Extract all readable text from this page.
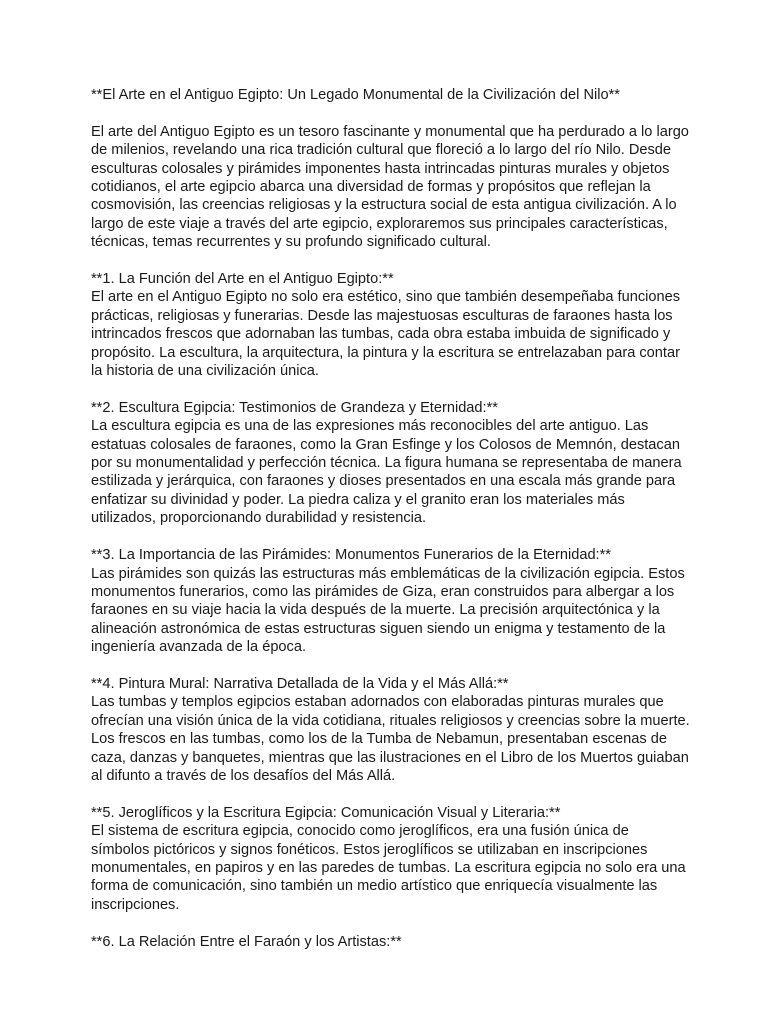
**El Arte en el Antiguo Egipto: Un Legado Monumental de la Civilización del Nilo**

El arte del Antiguo Egipto es un tesoro fascinante y monumental que ha perdurado a lo largo
de milenios, revelando una rica tradición cultural que floreció a lo largo del río Nilo. Desde
esculturas colosales y pirámides imponentes hasta intrincadas pinturas murales y objetos
cotidianos, el arte egipcio abarca una diversidad de formas y propósitos que reflejan la
cosmovisión, las creencias religiosas y la estructura social de esta antigua civilización. A lo
largo de este viaje a través del arte egipcio, exploraremos sus principales características,
técnicas, temas recurrentes y su profundo significado cultural.

**1. La Función del Arte en el Antiguo Egipto:**

El arte en el Antiguo Egipto no solo era estético, sino que también desempeñaba funciones
prácticas, religiosas y funerarias. Desde las majestuosas esculturas de faraones hasta los
intrincados frescos que adornaban las tumbas, cada obra estaba imbuida de significado y
propósito. La escultura, la arquitectura, la pintura y la escritura se entrelazaban para contar
la historia de una civilización única.

**2. Escultura Egipcia: Testimonios de Grandeza y Eternidad:**

La escultura egipcia es una de las expresiones más reconocibles del arte antiguo. Las
estatuas colosales de faraones, como la Gran Esfinge y los Colosos de Memnón, destacan
por su monumentalidad y perfección técnica. La figura humana se representaba de manera
estilizada y jerárquica, con faraones y dioses presentados en una escala más grande para
enfatizar su divinidad y poder. La piedra caliza y el granito eran los materiales más
utilizados, proporcionando durabilidad y resistencia.

**3. La Importancia de las Pirámides: Monumentos Funerarios de la Eternidad:**

Las pirámides son quizás las estructuras más emblemáticas de la civilización egipcia. Estos
monumentos funerarios, como las pirámides de Giza, eran construidos para albergar a los
faraones en su viaje hacia la vida después de la muerte. La precisión arquitectónica y la
alineación astronómica de estas estructuras siguen siendo un enigma y testamento de la
ingeniería avanzada de la época.

**4. Pintura Mural: Narrativa Detallada de la Vida y el Más Allá:**

Las tumbas y templos egipcios estaban adornados con elaboradas pinturas murales que
ofrecían una visión única de la vida cotidiana, rituales religiosos y creencias sobre la muerte.
Los frescos en las tumbas, como los de la Tumba de Nebamun, presentaban escenas de
caza, danzas y banquetes, mientras que las ilustraciones en el Libro de los Muertos guiaban
al difunto a través de los desafíos del Más Allá.

**5. Jeroglíficos y la Escritura Egipcia: Comunicación Visual y Literaria:**

El sistema de escritura egipcia, conocido como jeroglíficos, era una fusión única de
símbolos pictóricos y signos fonéticos. Estos jeroglíficos se utilizaban en inscripciones
monumentales, en papiros y en las paredes de tumbas. La escritura egipcia no solo era una
forma de comunicación, sino también un medio artístico que enriquecía visualmente las
inscripciones.

**6. La Relación Entre el Faraón y los Artistas:**
